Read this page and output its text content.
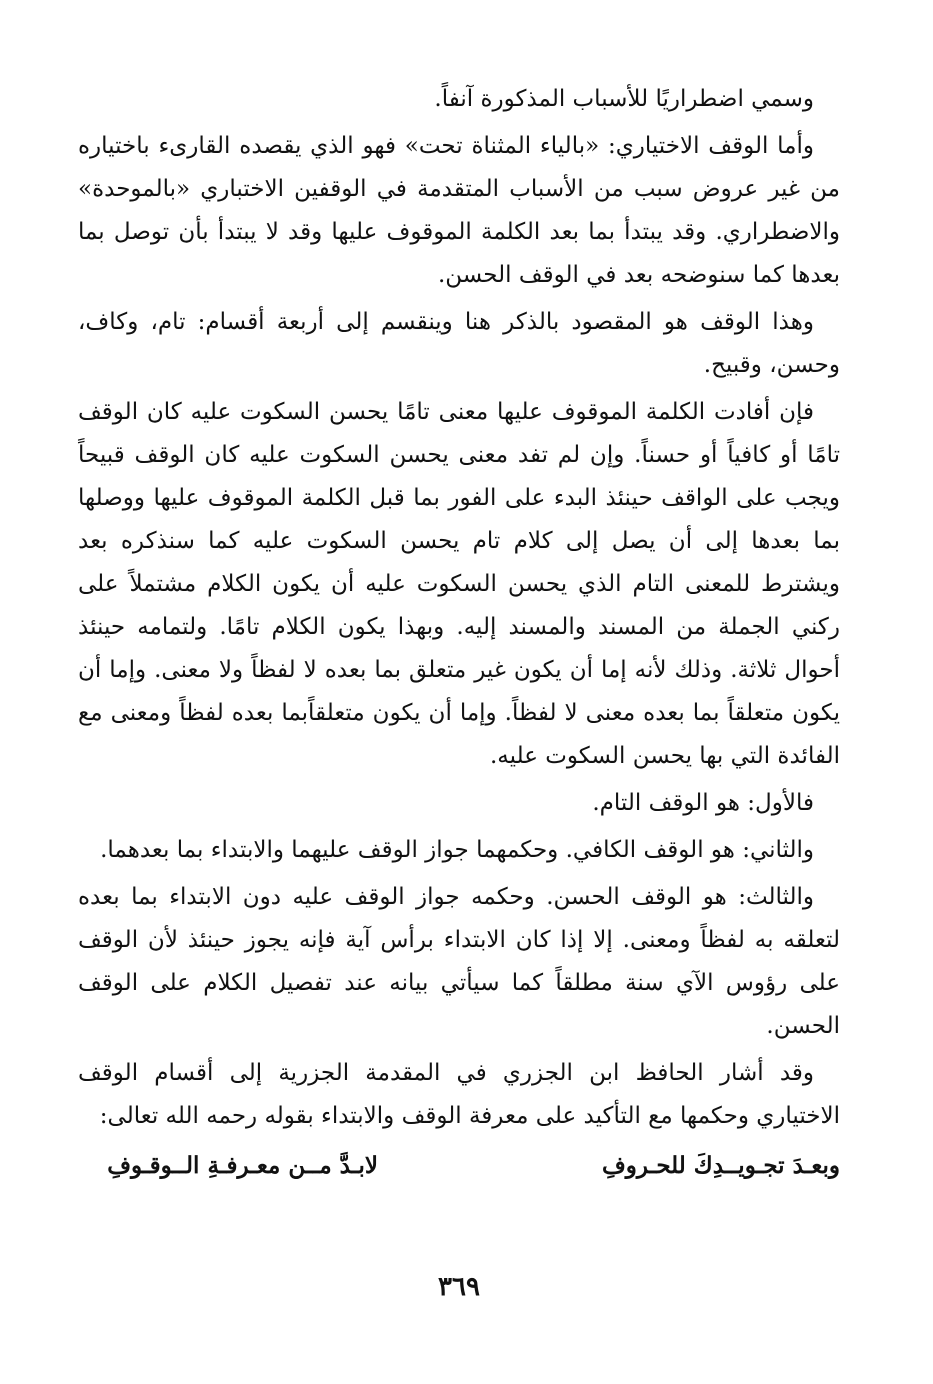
وسمي اضطراريًا للأسباب المذكورة آنفاً.

وأما الوقف الاختياري: «بالياء المثناة تحت» فهو الذي يقصده القارىء باختياره من غير عروض سبب من الأسباب المتقدمة في الوقفين الاختباري «بالموحدة» والاضطراري. وقد يبتدأ بما بعد الكلمة الموقوف عليها وقد لا يبتدأ بأن توصل بما بعدها كما سنوضحه بعد في الوقف الحسن.

وهذا الوقف هو المقصود بالذكر هنا وينقسم إلى أربعة أقسام: تام، وكاف، وحسن، وقبيح.

فإن أفادت الكلمة الموقوف عليها معنى تامًا يحسن السكوت عليه كان الوقف تامًا أو كافياً أو حسناً. وإن لم تفد معنى يحسن السكوت عليه كان الوقف قبيحاً ويجب على الواقف حينئذ البدء على الفور بما قبل الكلمة الموقوف عليها ووصلها بما بعدها إلى أن يصل إلى كلام تام يحسن السكوت عليه كما سنذكره بعد ويشترط للمعنى التام الذي يحسن السكوت عليه أن يكون الكلام مشتملاً على ركني الجملة من المسند والمسند إليه. وبهذا يكون الكلام تامًا. ولتمامه حينئذ أحوال ثلاثة. وذلك لأنه إما أن يكون غير متعلق بما بعده لا لفظاً ولا معنى. وإما أن يكون متعلقاً بما بعده معنى لا لفظاً. وإما أن يكون متعلقاًبما بعده لفظاً ومعنى مع الفائدة التي بها يحسن السكوت عليه.

فالأول: هو الوقف التام.

والثاني: هو الوقف الكافي. وحكمهما جواز الوقف عليهما والابتداء بما بعدهما.

والثالث: هو الوقف الحسن. وحكمه جواز الوقف عليه دون الابتداء بما بعده لتعلقه به لفظاً ومعنى. إلا إذا كان الابتداء برأس آية فإنه يجوز حينئذ لأن الوقف على رؤوس الآي سنة مطلقاً كما سيأتي بيانه عند تفصيل الكلام على الوقف الحسن.

وقد أشار الحافظ ابن الجزري في المقدمة الجزرية إلى أقسام الوقف الاختياري وحكمها مع التأكيد على معرفة الوقف والابتداء بقوله رحمه الله تعالى:

وبعـدَ تجـويــدِكَ للحـروفِ
لابـدَّ مــن معـرفـةِ الــوقـوفِ
٣٦٩
